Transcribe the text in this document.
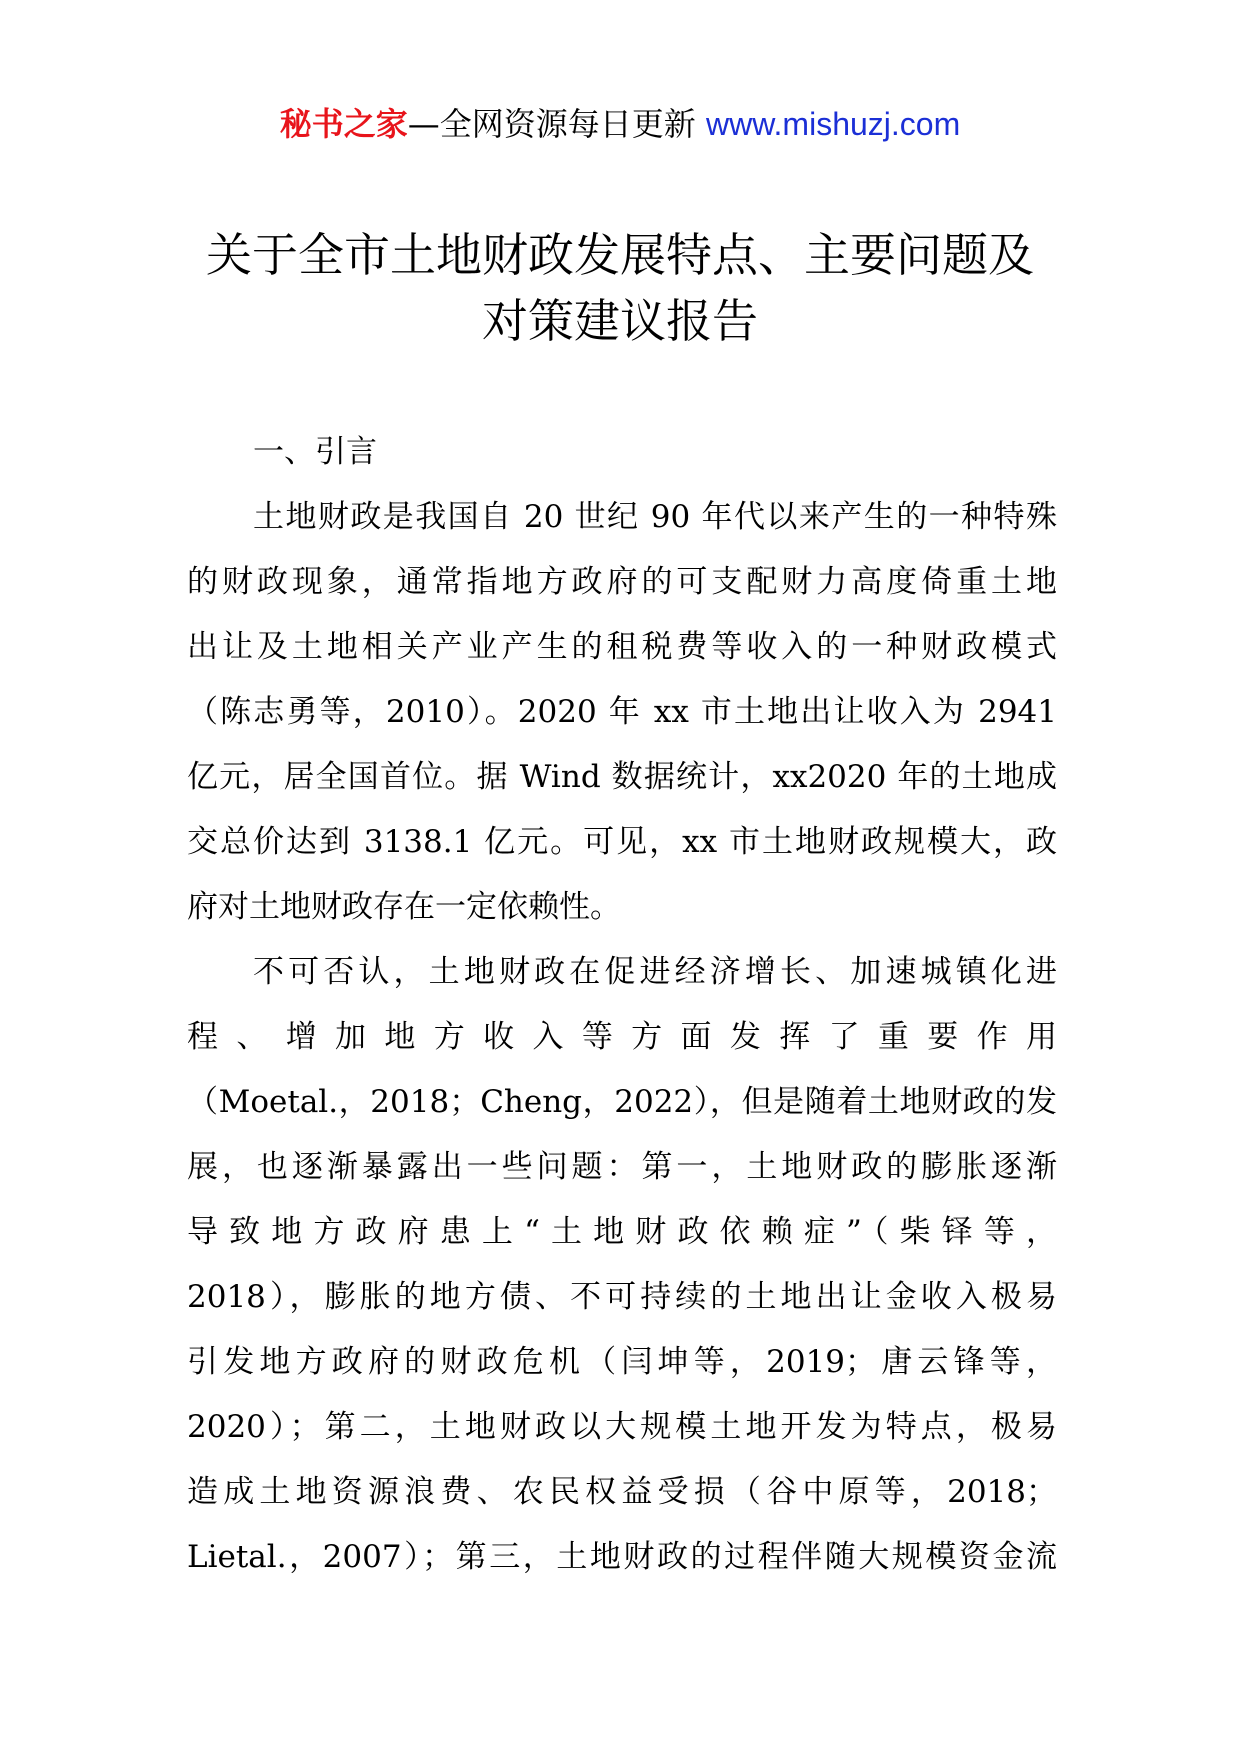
秘书之家—全网资源每日更新 www.mishuzj.com
关于全市土地财政发展特点、主要问题及
对策建议报告
一、引言
土地财政是我国自 20 世纪 90 年代以来产生的一种特殊
的财政现象，通常指地方政府的可支配财力高度倚重土地
出让及土地相关产业产生的租税费等收入的一种财政模式
（陈志勇等，2010）。2020 年 xx 市土地出让收入为 2941
亿元，居全国首位。据 Wind 数据统计，xx2020 年的土地成
交总价达到 3138.1 亿元。可见，xx 市土地财政规模大，政
府对土地财政存在一定依赖性。
不可否认，土地财政在促进经济增长、加速城镇化进
程 、 增 加 地 方 收 入 等 方 面 发 挥 了 重 要 作 用
（Moetal.，2018；Cheng，2022），但是随着土地财政的发
展，也逐渐暴露出一些问题：第一，土地财政的膨胀逐渐
导致地方政府患上“土地财政依赖症”（柴铎等，
2018），膨胀的地方债、不可持续的土地出让金收入极易
引发地方政府的财政危机（闫坤等，2019；唐云锋等，
2020）；第二，土地财政以大规模土地开发为特点，极易
造成土地资源浪费、农民权益受损（谷中原等，2018；
Lietal.，2007）；第三，土地财政的过程伴随大规模资金流
